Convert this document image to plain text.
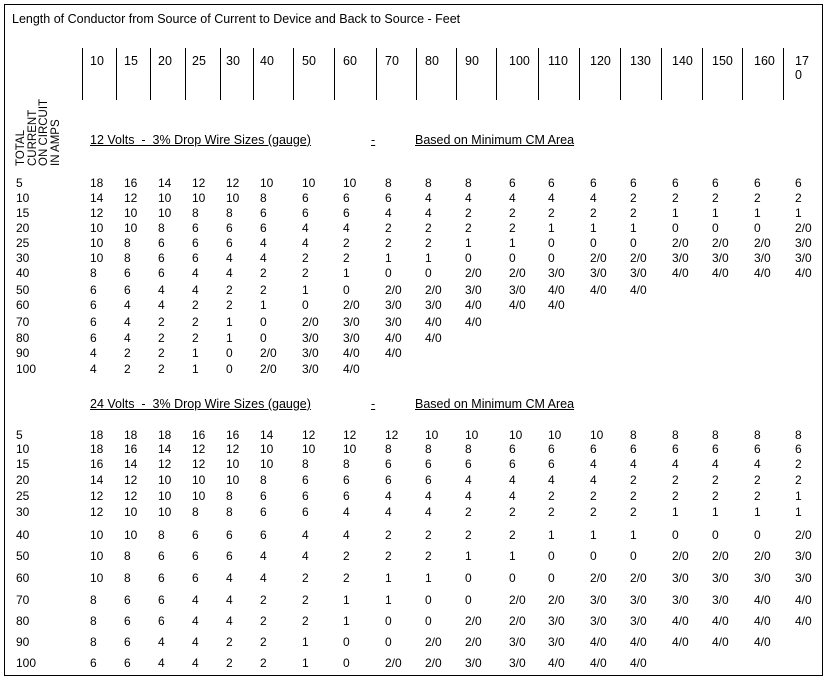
Length of Conductor from Source of Current to Device and Back to Source - Feet
10 15 20 25 30 40 50 60 70 80 90 100 110 120 130 140 150 160 17
0
TOTAL CURRENT ON CIRCUIT IN AMPS 12 Volts  -  3% Drop Wire Sizes (gauge)	-	Based on Minimum CM Area
24 Volts  -  3% Drop Wire Sizes (gauge)	-	Based on Minimum CM Area
5	18 16 14 12 12 10 10 10 8	8	8	6	6	6	6	6	6	6	6
10	14 12 10 10 10 8	6	6	6	4	4	4	4	4	2	2	2	2	2
15	12 10 10 8 8 6	6	6	4	4	2	2	2	2	2	1	1	1	1
20	10 10 8 6 6 6	4	4	2	2	2	2	1	1	1	0	0	0	2/0
25	10 8 6 6 6 4	4	2	2	2	1	1	0	0	0	2/0 2/0 2/0 3/0
30	10 8 6 6 4 4	2	2	1	1	0	0	0	2/0 2/0 3/0 3/0 3/0 3/0
40	8 6 6 4 4 2	2	1	0	0	2/0 2/0 3/0 3/0 3/0 4/0 4/0 4/0 4/0
50	6 6 4 4 2 2	1	0	2/0 2/0 3/0 3/0 4/0 4/0 4/0
60	6 4 4 2 2 1	0	2/0 3/0 3/0 4/0 4/0 4/0
70	6 4 2 2 1 0	2/0 3/0 3/0 4/0 4/0
80	6 4 2 2 1 0	3/0 3/0 4/0 4/0
90	4 2 2 1 0 2/0 3/0 4/0 4/0
100	4 2 2 1 0 2/0 3/0 4/0
5	18 18 18 16 16 14 12 12 12 10 10	10 10 10 8	8	8	8	8
10	18 16 14 12 12 10 10 10 8	8	8	6	6	6	6	6	6	6	6
15	16 14 12 12 10 10 8	8	6	6	6	6	6	4	4	4	4	4	2
20	14 12 10 10 10 8	6	6	6	6	4	4	4	4	2	2	2	2	2
25	12 12 10 10 8 6	6	6	4	4	4	4	2	2	2	2	2	2	1
30	12 10 10 8 8 6	6	4	4	4	2	2	2	2	2	1	1	1	1
40	10 10 8 6 6 6	4	4	2	2	2	2	1	1	1	0	0	0	2/0
50	10 8 6 6 6 4	4	2	2	2	1	1	0	0	0	2/0 2/0 2/0 3/0
60	10 8 6 6 4 4	2	2	1	1	0	0	0	2/0 2/0 3/0 3/0 3/0 3/0
70	8 6 6 4 4 2	2	1	1	0	0	2/0 2/0 3/0 3/0 3/0 3/0 4/0 4/0
80	8 6 6 4 4 2	2	1	0	0	2/0 2/0 3/0 3/0 3/0 4/0 4/0 4/0 4/0
90	8 6 4 4 2 2	1	0	0	2/0 2/0 3/0 3/0 4/0 4/0 4/0 4/0 4/0
100	6 6 4 4 2 2	1	0	2/0 2/0 3/0 3/0 4/0 4/0 4/0
